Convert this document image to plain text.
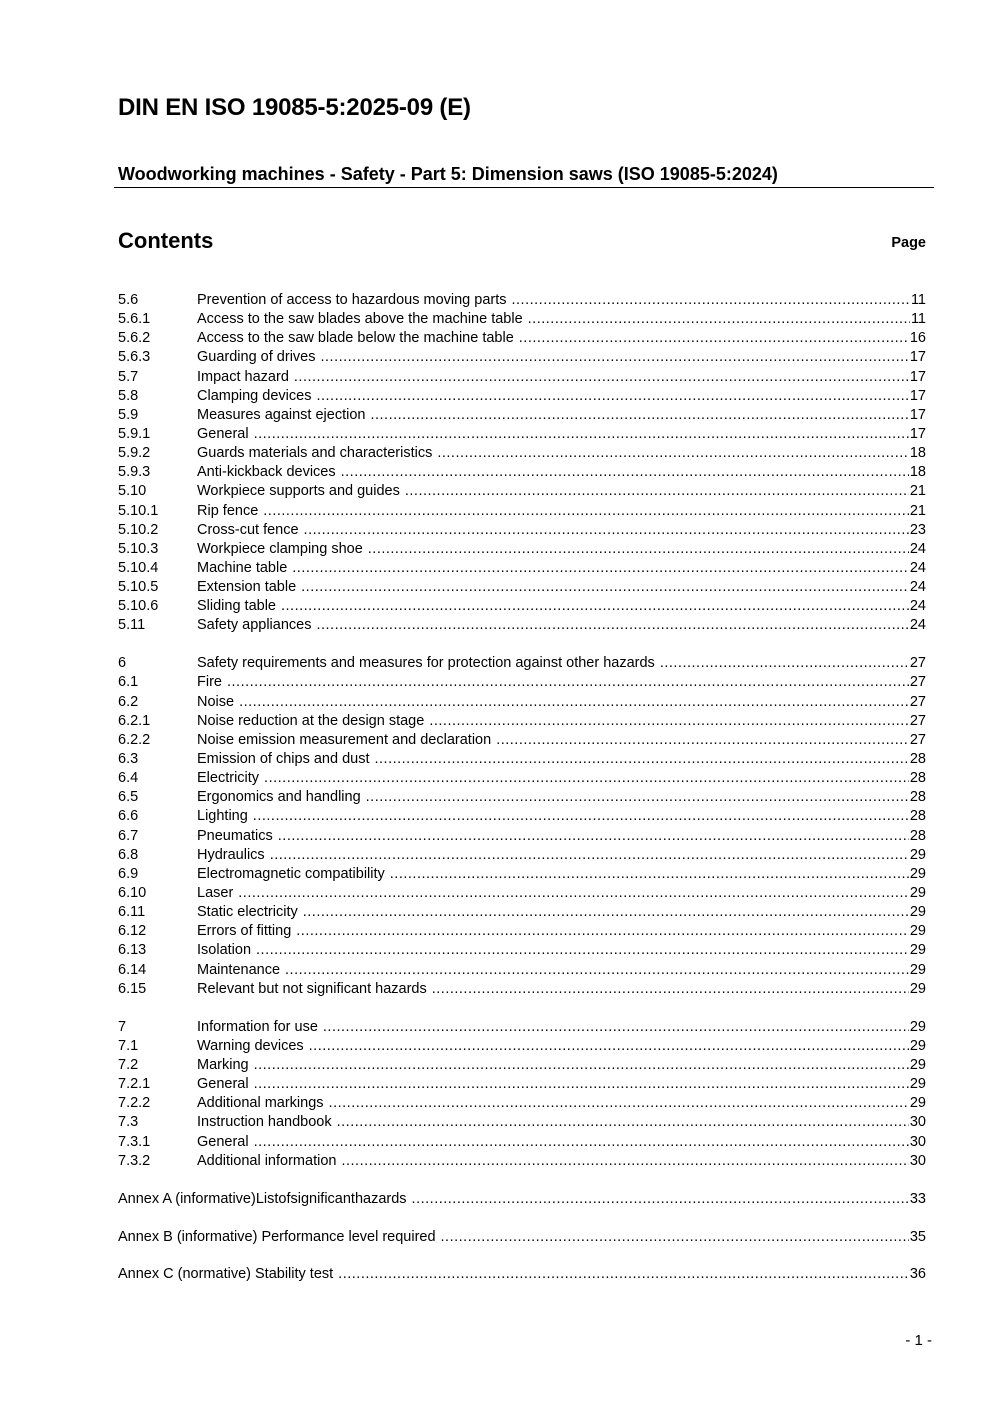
DIN EN ISO 19085-5:2025-09 (E)
Woodworking machines - Safety - Part 5: Dimension saws (ISO 19085-5:2024)
Contents	Page
5.6	Prevention of access to hazardous moving parts .....	11
5.6.1	Access to the saw blades above the machine table .....	11
5.6.2	Access to the saw blade below the machine table .....	16
5.6.3	Guarding of drives .....	17
5.7	Impact hazard .....	17
5.8	Clamping devices .....	17
5.9	Measures against ejection .....	17
5.9.1	General .....	17
5.9.2	Guards materials and characteristics .....	18
5.9.3	Anti-kickback devices .....	18
5.10	Workpiece supports and guides .....	21
5.10.1	Rip fence .....	21
5.10.2	Cross-cut fence .....	23
5.10.3	Workpiece clamping shoe .....	24
5.10.4	Machine table .....	24
5.10.5	Extension table .....	24
5.10.6	Sliding table .....	24
5.11	Safety appliances .....	24
6	Safety requirements and measures for protection against other hazards .....	27
6.1	Fire .....	27
6.2	Noise .....	27
6.2.1	Noise reduction at the design stage .....	27
6.2.2	Noise emission measurement and declaration .....	27
6.3	Emission of chips and dust .....	28
6.4	Electricity .....	28
6.5	Ergonomics and handling .....	28
6.6	Lighting .....	28
6.7	Pneumatics .....	28
6.8	Hydraulics .....	29
6.9	Electromagnetic compatibility .....	29
6.10	Laser .....	29
6.11	Static electricity .....	29
6.12	Errors of fitting .....	29
6.13	Isolation .....	29
6.14	Maintenance .....	29
6.15	Relevant but not significant hazards .....	29
7	Information for use .....	29
7.1	Warning devices .....	29
7.2	Marking .....	29
7.2.1	General .....	29
7.2.2	Additional markings .....	29
7.3	Instruction handbook .....	30
7.3.1	General .....	30
7.3.2	Additional information .....	30
Annex A (informative)Listofsignificanthazards .....	33
Annex B (informative) Performance level required .....	35
Annex C (normative) Stability test .....	36
- 1 -
